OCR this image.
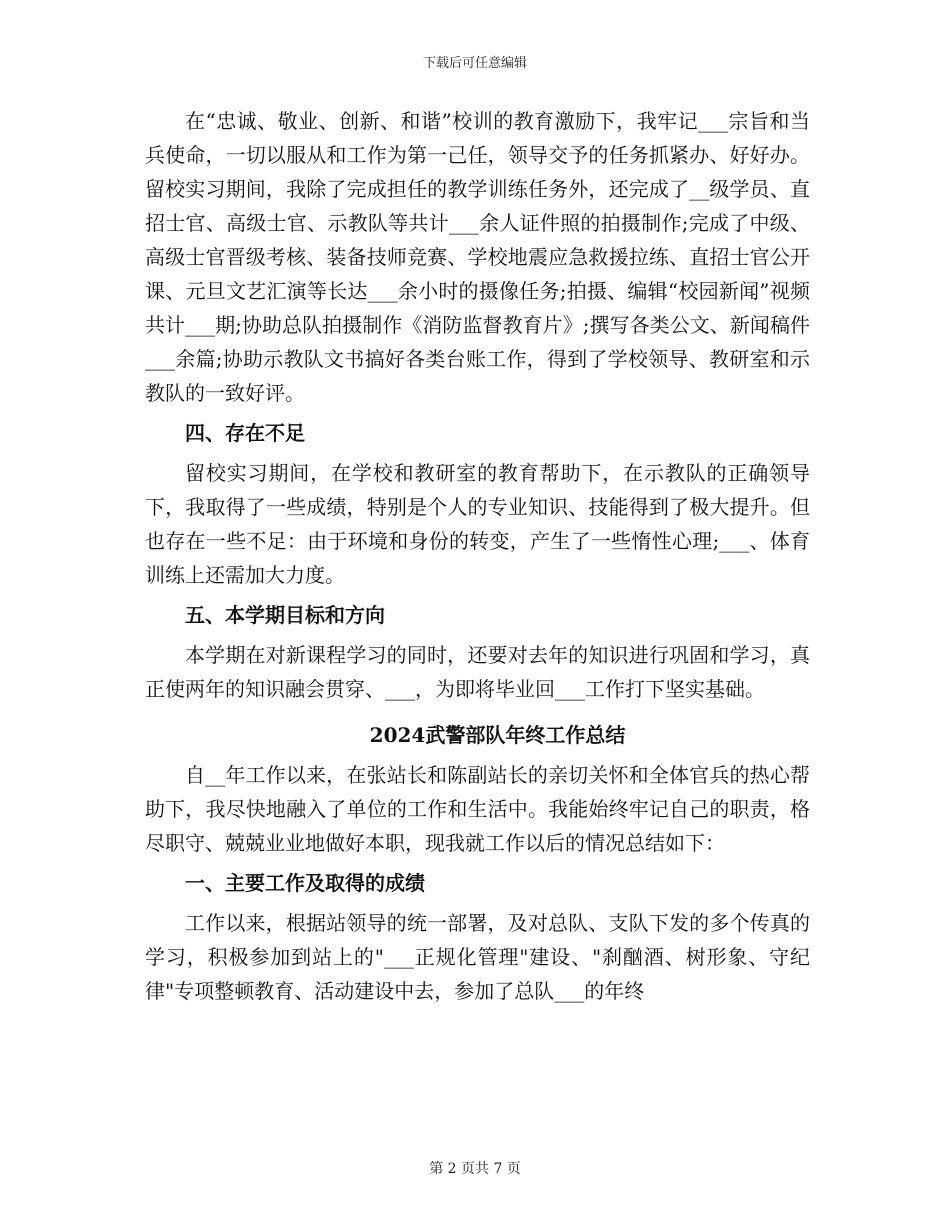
下载后可任意编辑

在“忠诚、敬业、创新、和谐”校训的教育激励下，我牢记___宗旨和当兵使命，一切以服从和工作为第一己任，领导交予的任务抓紧办、好好办。留校实习期间，我除了完成担任的教学训练任务外，还完成了__级学员、直招士官、高级士官、示教队等共计___余人证件照的拍摄制作;完成了中级、高级士官晋级考核、装备技师竞赛、学校地震应急救援拉练、直招士官公开课、元旦文艺汇演等长达___余小时的摄像任务;拍摄、编辑“校园新闻”视频共计___期;协助总队拍摄制作《消防监督教育片》;撰写各类公文、新闻稿件___余篇;协助示教队文书搞好各类台账工作，得到了学校领导、教研室和示教队的一致好评。

四、存在不足

留校实习期间，在学校和教研室的教育帮助下，在示教队的正确领导下，我取得了一些成绩，特别是个人的专业知识、技能得到了极大提升。但也存在一些不足：由于环境和身份的转变，产生了一些惰性心理;___、体育训练上还需加大力度。

五、本学期目标和方向

本学期在对新课程学习的同时，还要对去年的知识进行巩固和学习，真正使两年的知识融会贯穿、___，为即将毕业回___工作打下坚实基础。

2024武警部队年终工作总结

自__年工作以来，在张站长和陈副站长的亲切关怀和全体官兵的热心帮助下，我尽快地融入了单位的工作和生活中。我能始终牢记自己的职责，格尽职守、兢兢业业地做好本职，现我就工作以后的情况总结如下：

一、主要工作及取得的成绩

工作以来，根据站领导的统一部署，及对总队、支队下发的多个传真的学习，积极参加到站上的"___正规化管理"建设、"刹酗酒、树形象、守纪律"专项整顿教育、活动建设中去，参加了总队___的年终

第 2 页共 7 页
